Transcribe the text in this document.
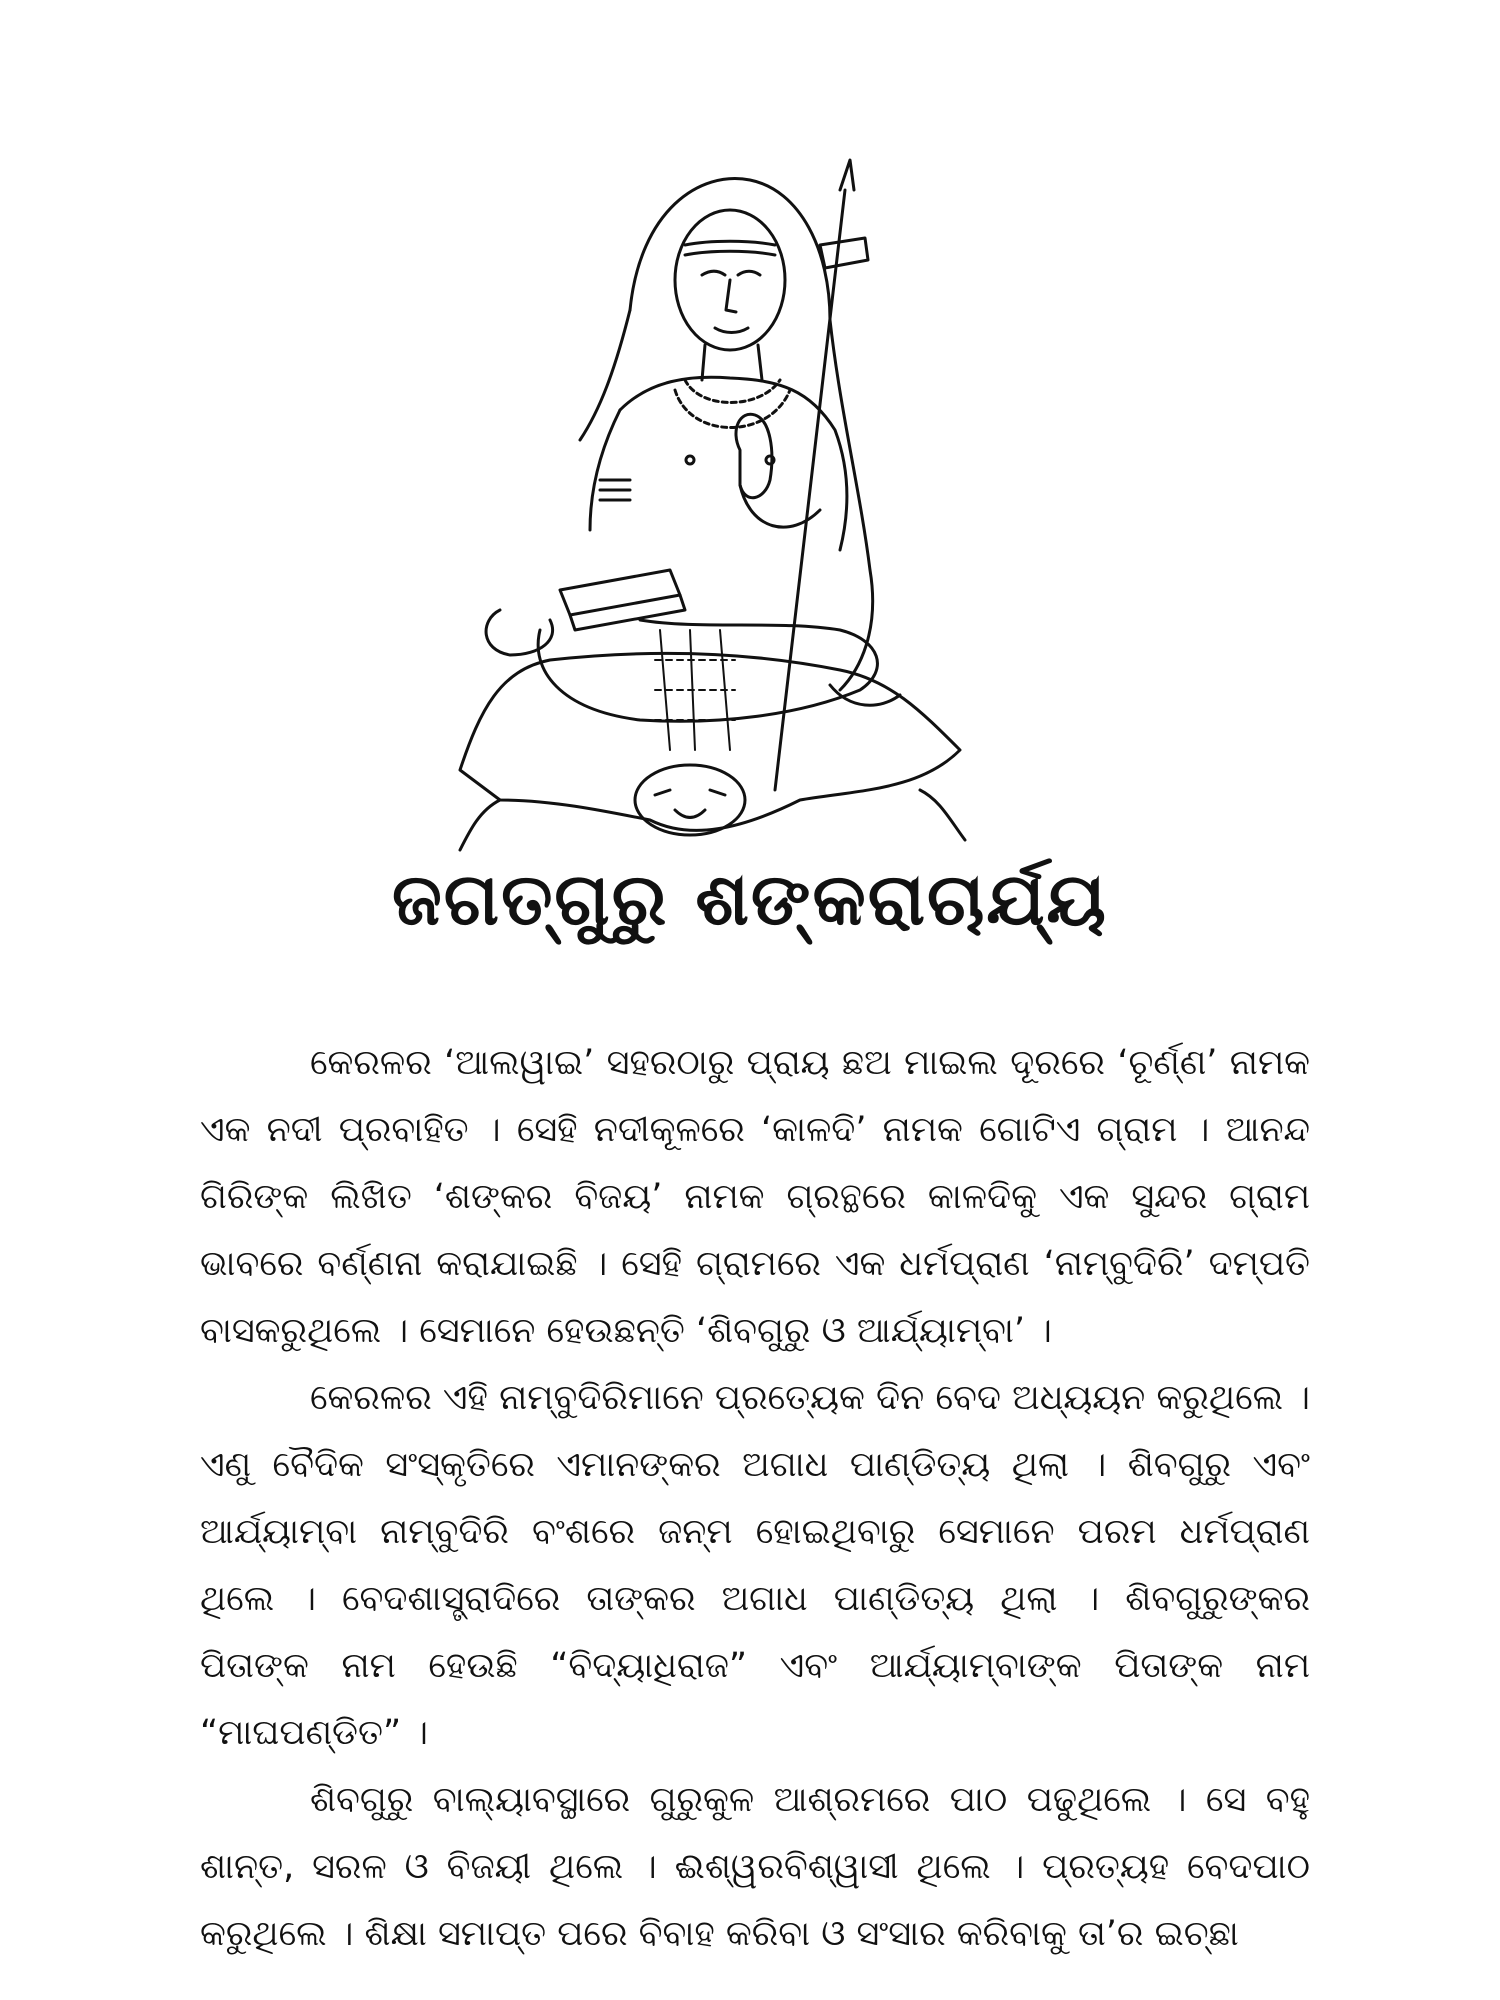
ଜଗତ୍‌ଗୁରୁ ଶଙ୍କରାଚାର୍ଯ୍ୟ

କେରଳର ‘ଆଲୱାଇ’ ସହରଠାରୁ ପ୍ରାୟ ଛଅ ମାଇଲ ଦୂରରେ ‘ଚୂର୍ଣ୍ଣ’ ନାମକ ଏକ ନଦୀ ପ୍ରବାହିତ । ସେହି ନଦୀକୂଳରେ ‘କାଳଦି’ ନାମକ ଗୋଟିଏ ଗ୍ରାମ । ଆନନ୍ଦ ଗିରିଙ୍କ ଲିଖିତ ‘ଶଙ୍କର ବିଜୟ’ ନାମକ ଗ୍ରନ୍ଥରେ କାଳଦିକୁ ଏକ ସୁନ୍ଦର ଗ୍ରାମ ଭାବରେ ବର୍ଣ୍ଣନା କରାଯାଇଛି । ସେହି ଗ୍ରାମରେ ଏକ ଧର୍ମପ୍ରାଣ ‘ନାମ୍ବୁଦିରି’ ଦମ୍ପତି ବାସକରୁଥିଲେ । ସେମାନେ ହେଉଛନ୍ତି ‘ଶିବଗୁରୁ ଓ ଆର୍ଯ୍ୟାମ୍ବା’ ।

କେରଳର ଏହି ନାମ୍ବୁଦିରିମାନେ ପ୍ରତ୍ୟେକ ଦିନ ବେଦ ଅଧ୍ୟୟନ କରୁଥିଲେ । ଏଣୁ ବୈଦିକ ସଂସ୍କୃତିରେ ଏମାନଙ୍କର ଅଗାଧ ପାଣ୍ଡିତ୍ୟ ଥିଲା । ଶିବଗୁରୁ ଏବଂ ଆର୍ଯ୍ୟାମ୍ବା ନାମ୍ବୁଦିରି ବଂଶରେ ଜନ୍ମ ହୋଇଥିବାରୁ ସେମାନେ ପରମ ଧର୍ମପ୍ରାଣ ଥିଲେ । ବେଦଶାସ୍ତ୍ରାଦିରେ ତାଙ୍କର ଅଗାଧ ପାଣ୍ଡିତ୍ୟ ଥିଲା । ଶିବଗୁରୁଙ୍କର ପିତାଙ୍କ ନାମ ହେଉଛି “ବିଦ୍ୟାଧିରାଜ” ଏବଂ ଆର୍ଯ୍ୟାମ୍ବାଙ୍କ ପିତାଙ୍କ ନାମ “ମାଘପଣ୍ଡିତ” ।

ଶିବଗୁରୁ ବାଲ୍ୟାବସ୍ଥାରେ ଗୁରୁକୁଳ ଆଶ୍ରମରେ ପାଠ ପଢୁଥିଲେ । ସେ ବହୁ ଶାନ୍ତ, ସରଳ ଓ ବିଜୟୀ ଥିଲେ । ଈଶ୍ୱରବିଶ୍ୱାସୀ ଥିଲେ । ପ୍ରତ୍ୟହ ବେଦପାଠ କରୁଥିଲେ । ଶିକ୍ଷା ସମାପ୍ତ ପରେ ବିବାହ କରିବା ଓ ସଂସାର କରିବାକୁ ତା’ର ଇଚ୍ଛା
